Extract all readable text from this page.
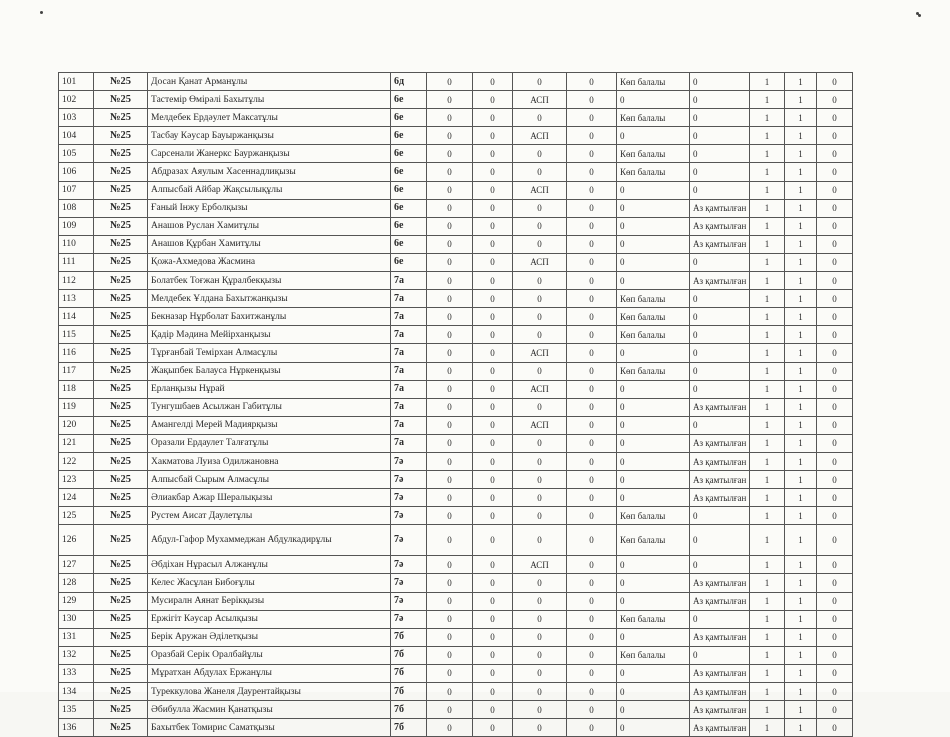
101	№25	Досан Қанат Арманұлы	6д	0	0	0	0	Көп балалы	0	1	1	0
102	№25	Тастемір Өмірәлі Бахытұлы	6е	0	0	АСП	0	0	0	1	1	0
103	№25	Мелдебек Ердәулет Максатұлы	6е	0	0	0	0	Көп балалы	0	1	1	0
104	№25	Тасбау Кәусар Бауыржанқызы	6е	0	0	АСП	0	0	0	1	1	0
105	№25	Сарсенали Жанеркс Бауржанқызы	6е	0	0	0	0	Көп балалы	0	1	1	0
106	№25	Абдразах Аяулым Хасеннадлиқызы	6е	0	0	0	0	Көп балалы	0	1	1	0
107	№25	Алпысбай Айбар Жақсылықұлы	6е	0	0	АСП	0	0	0	1	1	0
108	№25	Ғаный Інжу Ерболқызы	6е	0	0	0	0	0	Аз қамтылған	1	1	0
109	№25	Анашов Руслан Хамитұлы	6е	0	0	0	0	0	Аз қамтылған	1	1	0
110	№25	Анашов Құрбан Хамитұлы	6е	0	0	0	0	0	Аз қамтылған	1	1	0
111	№25	Қожа-Ахмедова Жасмина	6е	0	0	АСП	0	0	0	1	1	0
112	№25	Болатбек Тоғжан Құралбекқызы	7а	0	0	0	0	0	Аз қамтылған	1	1	0
113	№25	Мелдебек Ұлдана Бахытжанқызы	7а	0	0	0	0	Көп балалы	0	1	1	0
114	№25	Бекназар Нұрболат Бахитжанұлы	7а	0	0	0	0	Көп балалы	0	1	1	0
115	№25	Қадір Мәдина Мейірханқызы	7а	0	0	0	0	Көп балалы	0	1	1	0
116	№25	Тұрғанбай Темірхан Алмасұлы	7а	0	0	АСП	0	0	0	1	1	0
117	№25	Жақыпбек Балауса Нұркенқызы	7а	0	0	0	0	Көп балалы	0	1	1	0
118	№25	Ерланқызы Нұрай	7а	0	0	АСП	0	0	0	1	1	0
119	№25	Тунгушбаев Асылжан Габитұлы	7а	0	0	0	0	0	Аз қамтылған	1	1	0
120	№25	Амангелді Мерей Мадиярқызы	7а	0	0	АСП	0	0	0	1	1	0
121	№25	Оразали Ердаулет Талғатұлы	7а	0	0	0	0	0	Аз қамтылған	1	1	0
122	№25	Хакматова Луиза Одилжановна	7ә	0	0	0	0	0	Аз қамтылған	1	1	0
123	№25	Алпысбай Сырым Алмасұлы	7ә	0	0	0	0	0	Аз қамтылған	1	1	0
124	№25	Әлиакбар Ажар Шералықызы	7ә	0	0	0	0	0	Аз қамтылған	1	1	0
125	№25	Рустем Аисат Даулетұлы	7ә	0	0	0	0	Көп балалы	0	1	1	0
126	№25	Абдул-Гафор Мухаммеджан Абдулкадирұлы	7ә	0	0	0	0	Көп балалы	0	1	1	0
127	№25	Әбдіхан Нұрасыл Алжанұлы	7ә	0	0	АСП	0	0	0	1	1	0
128	№25	Келес Жасұлан Бибоғұлы	7ә	0	0	0	0	0	Аз қамтылған	1	1	0
129	№25	Мусиралн Аянат Берікқызы	7ә	0	0	0	0	0	Аз қамтылған	1	1	0
130	№25	Ержігіт Кәусар Асылқызы	7ә	0	0	0	0	Көп балалы	0	1	1	0
131	№25	Берік Аружан Әділетқызы	7б	0	0	0	0	0	Аз қамтылған	1	1	0
132	№25	Оразбай Серік Оралбайұлы	7б	0	0	0	0	Көп балалы	0	1	1	0
133	№25	Мұратхан Абдулах Ержанұлы	7б	0	0	0	0	0	Аз қамтылған	1	1	0
134	№25	Туреккулова Жанеля Даурентайқызы	7б	0	0	0	0	0	Аз қамтылған	1	1	0
135	№25	Әбибулла Жасмин Қанатқызы	7б	0	0	0	0	0	Аз қамтылған	1	1	0
136	№25	Бахытбек Томирис Саматқызы	7б	0	0	0	0	0	Аз қамтылған	1	1	0
